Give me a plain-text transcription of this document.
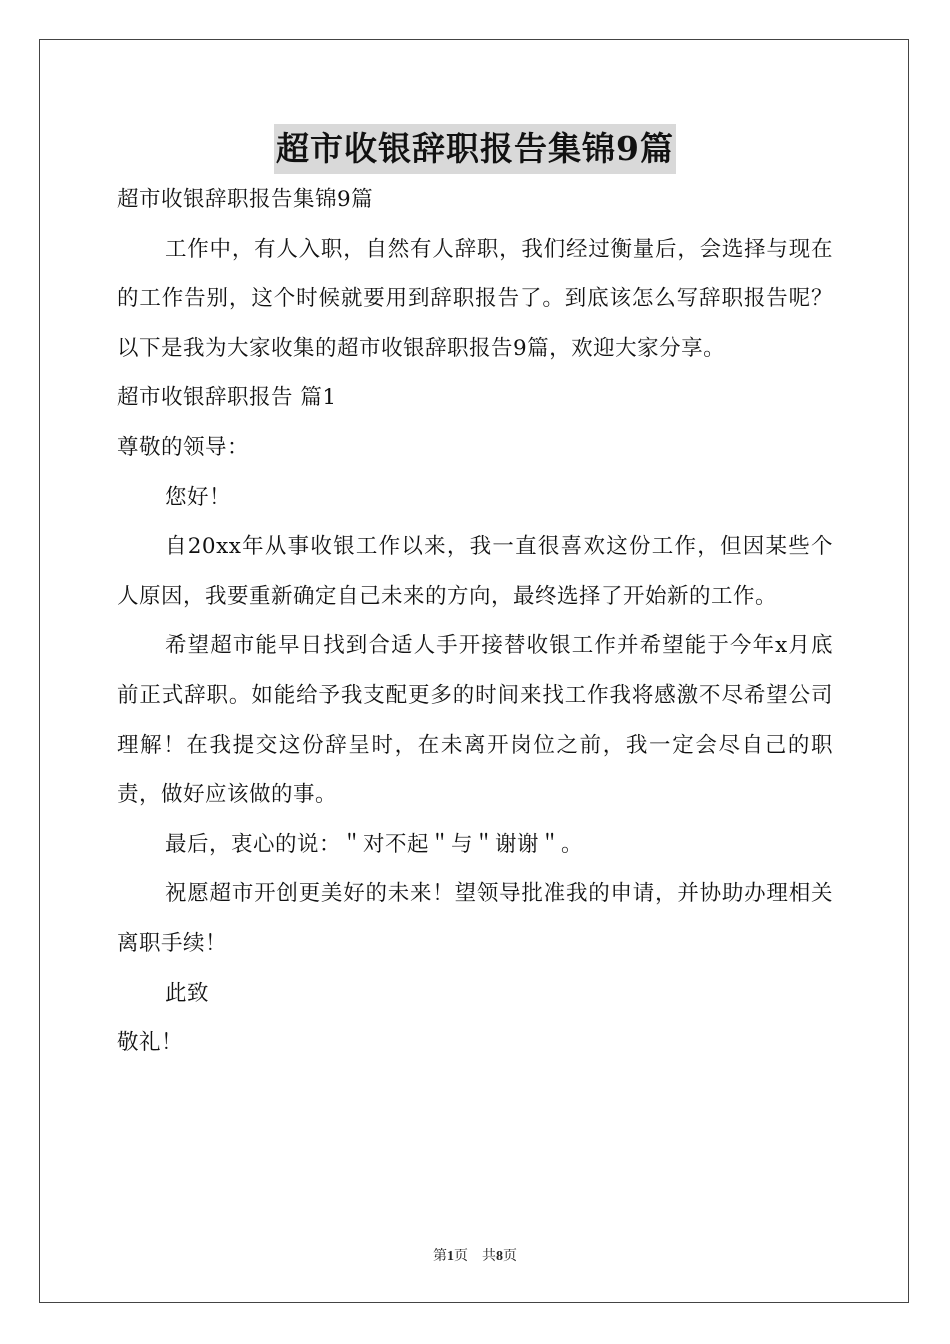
超市收银辞职报告集锦9篇

超市收银辞职报告集锦9篇

工作中，有人入职，自然有人辞职，我们经过衡量后，会选择与现在的工作告别，这个时候就要用到辞职报告了。到底该怎么写辞职报告呢？以下是我为大家收集的超市收银辞职报告9篇，欢迎大家分享。

超市收银辞职报告 篇1

尊敬的领导：

您好！

自20xx年从事收银工作以来，我一直很喜欢这份工作，但因某些个人原因，我要重新确定自己未来的方向，最终选择了开始新的工作。

希望超市能早日找到合适人手开接替收银工作并希望能于今年x月底前正式辞职。如能给予我支配更多的时间来找工作我将感激不尽希望公司理解！在我提交这份辞呈时，在未离开岗位之前，我一定会尽自己的职责，做好应该做的事。

最后，衷心的说：＂对不起＂与＂谢谢＂。

祝愿超市开创更美好的未来！望领导批准我的申请，并协助办理相关离职手续！

此致

敬礼！

第1页　共8页
